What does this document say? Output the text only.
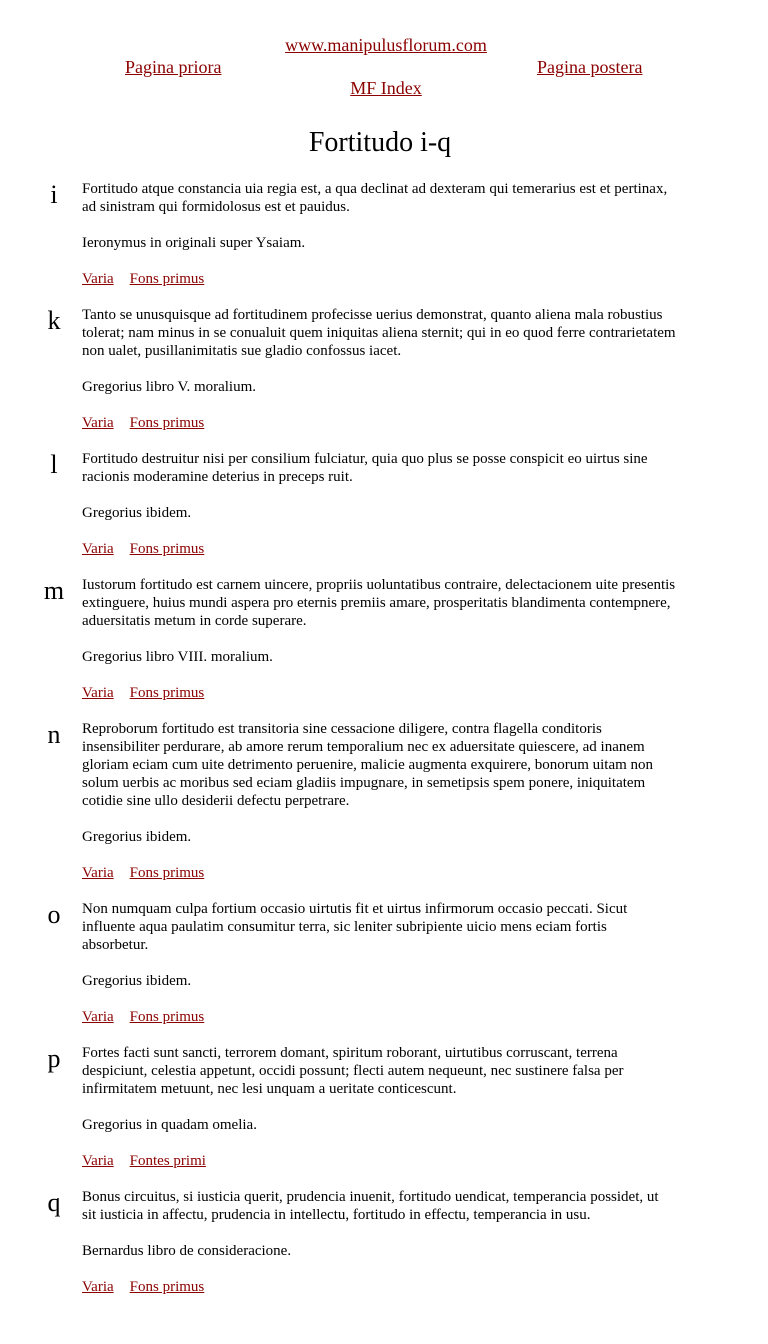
www.manipulusflorum.com
Pagina priora	Pagina postera
MF Index
Fortitudo i-q
i	Fortitudo atque constancia uia regia est, a qua declinat ad dexteram qui temerarius est et pertinax, ad sinistram qui formidolosus est et pauidus.

Ieronymus in originali super Ysaiam.

Varia Fons primus

k	Tanto se unusquisque ad fortitudinem profecisse uerius demonstrat, quanto aliena mala robustius tolerat; nam minus in se conualuit quem iniquitas aliena sternit; qui in eo quod ferre contrarietatem non ualet, pusillanimitatis sue gladio confossus iacet.

Gregorius libro V. moralium.

Varia Fons primus

l	Fortitudo destruitur nisi per consilium fulciatur, quia quo plus se posse conspicit eo uirtus sine racionis moderamine deterius in preceps ruit.

Gregorius ibidem.

Varia Fons primus

m Iustorum fortitudo est carnem uincere, propriis uoluntatibus contraire, delectacionem uite presentis extinguere, huius mundi aspera pro eternis premiis amare, prosperitatis blandimenta contempnere, aduersitatis metum in corde superare.

Gregorius libro VIII. moralium.

Varia Fons primus

n	Reproborum fortitudo est transitoria sine cessacione diligere, contra flagella conditoris insensibiliter perdurare, ab amore rerum temporalium nec ex aduersitate quiescere, ad inanem gloriam eciam cum uite detrimento peruenire, malicie augmenta exquirere, bonorum uitam non solum uerbis ac moribus sed eciam gladiis impugnare, in semetipsis spem ponere, iniquitatem cotidie sine ullo desiderii defectu perpetrare.

Gregorius ibidem.

Varia Fons primus

o	Non numquam culpa fortium occasio uirtutis fit et uirtus infirmorum occasio peccati. Sicut influente aqua paulatim consumitur terra, sic leniter subripiente uicio mens eciam fortis absorbetur.

Gregorius ibidem.

Varia Fons primus

p	Fortes facti sunt sancti, terrorem domant, spiritum roborant, uirtutibus corruscant, terrena despiciunt, celestia appetunt, occidi possunt; flecti autem nequeunt, nec sustinere falsa per infirmitatem metuunt, nec lesi unquam a ueritate conticescunt.

Gregorius in quadam omelia.

Varia Fontes primi

q	Bonus circuitus, si iusticia querit, prudencia inuenit, fortitudo uendicat, temperancia possidet, ut sit iusticia in affectu, prudencia in intellectu, fortitudo in effectu, temperancia in usu.

Bernardus libro de consideracione.

Varia Fons primus
